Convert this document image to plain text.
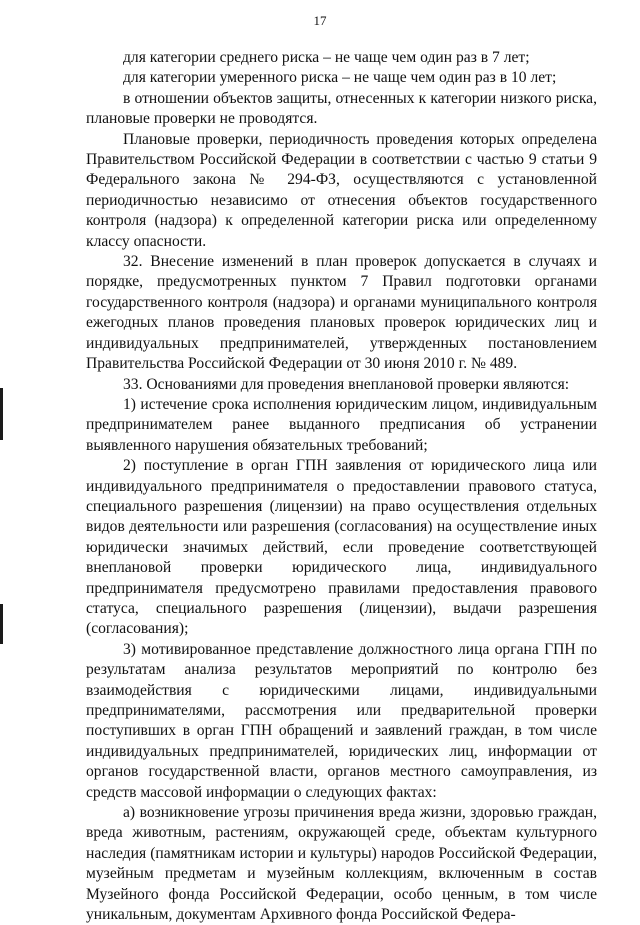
17

для категории среднего риска – не чаще чем один раз в 7 лет;

для категории умеренного риска – не чаще чем один раз в 10 лет;

в отношении объектов защиты, отнесенных к категории низкого риска, плановые проверки не проводятся.

Плановые проверки, периодичность проведения которых определена Правительством Российской Федерации в соответствии с частью 9 статьи 9 Федерального закона № 294-ФЗ, осуществляются с установленной периодичностью независимо от отнесения объектов государственного контроля (надзора) к определенной категории риска или определенному классу опасности.

32. Внесение изменений в план проверок допускается в случаях и порядке, предусмотренных пунктом 7 Правил подготовки органами государственного контроля (надзора) и органами муниципального контроля ежегодных планов проведения плановых проверок юридических лиц и индивидуальных предпринимателей, утвержденных постановлением Правительства Российской Федерации от 30 июня 2010 г. № 489.

33. Основаниями для проведения внеплановой проверки являются:

1) истечение срока исполнения юридическим лицом, индивидуальным предпринимателем ранее выданного предписания об устранении выявленного нарушения обязательных требований;

2) поступление в орган ГПН заявления от юридического лица или индивидуального предпринимателя о предоставлении правового статуса, специального разрешения (лицензии) на право осуществления отдельных видов деятельности или разрешения (согласования) на осуществление иных юридически значимых действий, если проведение соответствующей внеплановой проверки юридического лица, индивидуального предпринимателя предусмотрено правилами предоставления правового статуса, специального разрешения (лицензии), выдачи разрешения (согласования);

3) мотивированное представление должностного лица органа ГПН по результатам анализа результатов мероприятий по контролю без взаимодействия с юридическими лицами, индивидуальными предпринимателями, рассмотрения или предварительной проверки поступивших в орган ГПН обращений и заявлений граждан, в том числе индивидуальных предпринимателей, юридических лиц, информации от органов государственной власти, органов местного самоуправления, из средств массовой информации о следующих фактах:

а) возникновение угрозы причинения вреда жизни, здоровью граждан, вреда животным, растениям, окружающей среде, объектам культурного наследия (памятникам истории и культуры) народов Российской Федерации, музейным предметам и музейным коллекциям, включенным в состав Музейного фонда Российской Федерации, особо ценным, в том числе уникальным, документам Архивного фонда Российской Федера-
